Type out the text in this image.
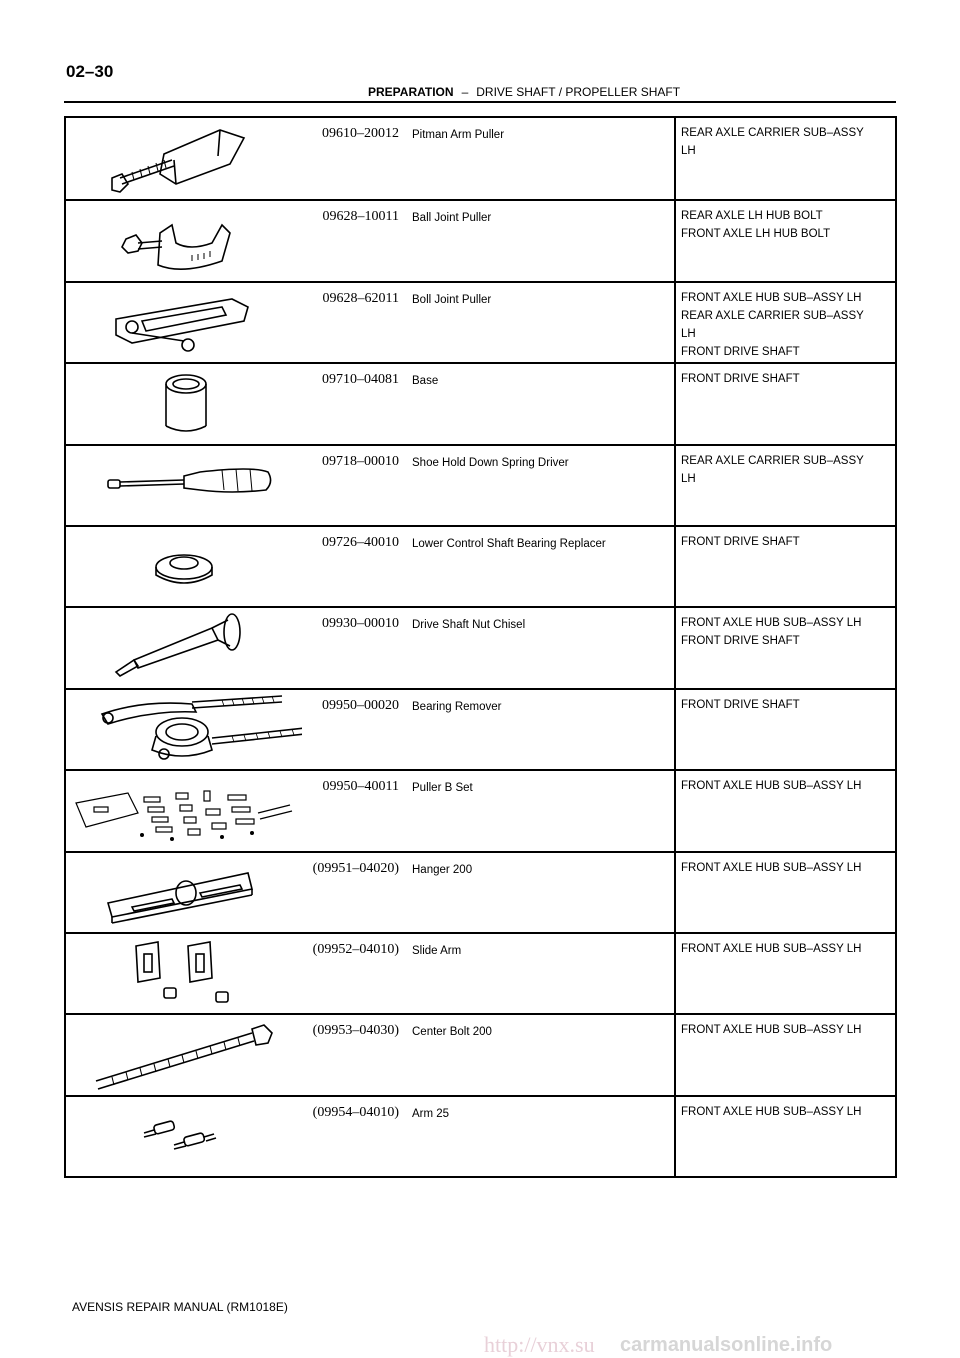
02–30
PREPARATION – DRIVE SHAFT / PROPELLER SHAFT
09610–20012 Pitman Arm Puller	REAR AXLE CARRIER SUB–ASSY
LH
09628–10011 Ball Joint Puller	REAR AXLE LH HUB BOLT
FRONT AXLE LH HUB BOLT
09628–62011 Boll Joint Puller	FRONT AXLE HUB SUB–ASSY LH
REAR AXLE CARRIER SUB–ASSY
LH
FRONT DRIVE SHAFT
09710–04081 Base	FRONT DRIVE SHAFT
09718–00010 Shoe Hold Down Spring Driver	REAR AXLE CARRIER SUB–ASSY
LH
09726–40010 Lower Control Shaft Bearing Replacer	FRONT DRIVE SHAFT
09930–00010 Drive Shaft Nut Chisel	FRONT AXLE HUB SUB–ASSY LH
FRONT DRIVE SHAFT
09950–00020 Bearing Remover	FRONT DRIVE SHAFT
09950–40011 Puller B Set	FRONT AXLE HUB SUB–ASSY LH
(09951–04020) Hanger 200	FRONT AXLE HUB SUB–ASSY LH
(09952–04010) Slide Arm	FRONT AXLE HUB SUB–ASSY LH
(09953–04030) Center Bolt 200	FRONT AXLE HUB SUB–ASSY LH
(09954–04010) Arm 25	FRONT AXLE HUB SUB–ASSY LH
AVENSIS REPAIR MANUAL (RM1018E)
http://vnx.su carmanualsonline.info
